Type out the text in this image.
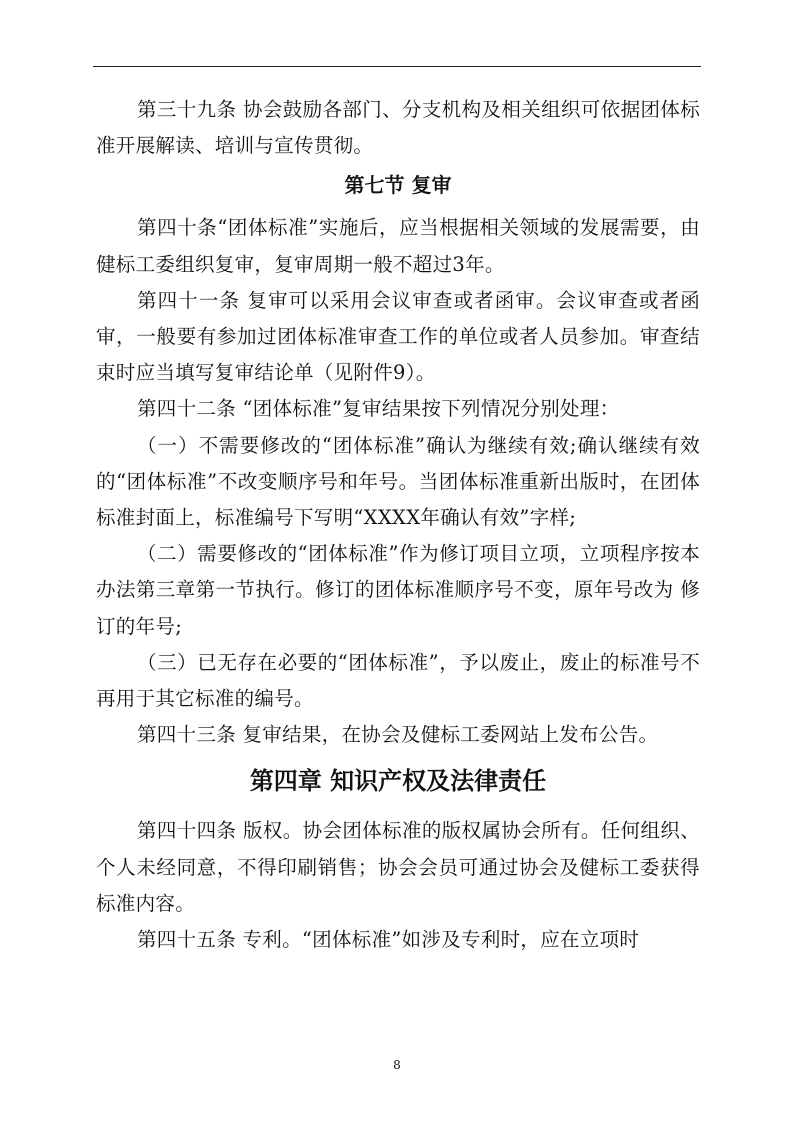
第三十九条 协会鼓励各部门、分支机构及相关组织可依据团体标准开展解读、培训与宣传贯彻。

第七节 复审

第四十条“团体标准”实施后，应当根据相关领域的发展需要，由健标工委组织复审，复审周期一般不超过3年。

第四十一条 复审可以采用会议审查或者函审。会议审查或者函审，一般要有参加过团体标准审查工作的单位或者人员参加。审查结束时应当填写复审结论单（见附件9）。

第四十二条 “团体标准”复审结果按下列情况分别处理：

（一）不需要修改的“团体标准”确认为继续有效;确认继续有效的“团体标准”不改变顺序号和年号。当团体标准重新出版时，在团体标准封面上，标准编号下写明“XXXX年确认有效”字样;

（二）需要修改的“团体标准”作为修订项目立项，立项程序按本办法第三章第一节执行。修订的团体标准顺序号不变，原年号改为 修订的年号;

（三）已无存在必要的“团体标准”，予以废止，废止的标准号不再用于其它标准的编号。

第四十三条 复审结果，在协会及健标工委网站上发布公告。

第四章 知识产权及法律责任

第四十四条 版权。协会团体标准的版权属协会所有。任何组织、个人未经同意，不得印刷销售；协会会员可通过协会及健标工委获得标准内容。

第四十五条 专利。“团体标准”如涉及专利时，应在立项时

8
